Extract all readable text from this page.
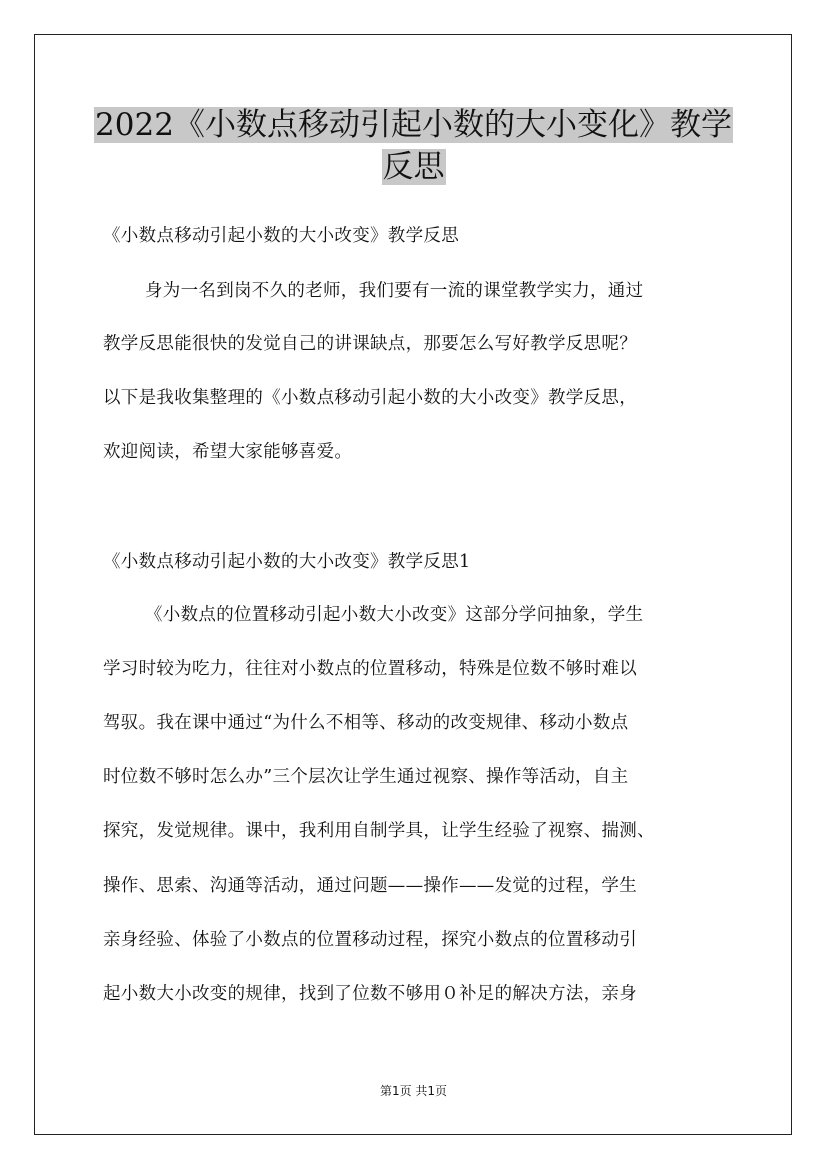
2022《小数点移动引起小数的大小变化》教学
反思
《小数点移动引起小数的大小改变》教学反思
身为一名到岗不久的老师，我们要有一流的课堂教学实力，通过
教学反思能很快的发觉自己的讲课缺点，那要怎么写好教学反思呢？
以下是我收集整理的《小数点移动引起小数的大小改变》教学反思，
欢迎阅读，希望大家能够喜爱。
《小数点移动引起小数的大小改变》教学反思1
《小数点的位置移动引起小数大小改变》这部分学问抽象，学生
学习时较为吃力，往往对小数点的位置移动，特殊是位数不够时难以
驾驭。我在课中通过“为什么不相等、移动的改变规律、移动小数点
时位数不够时怎么办”三个层次让学生通过视察、操作等活动，自主
探究，发觉规律。课中，我利用自制学具，让学生经验了视察、揣测、
操作、思索、沟通等活动，通过问题——操作——发觉的过程，学生
亲身经验、体验了小数点的位置移动过程，探究小数点的位置移动引
起小数大小改变的规律，找到了位数不够用０补足的解决方法，亲身
第1页 共1页
